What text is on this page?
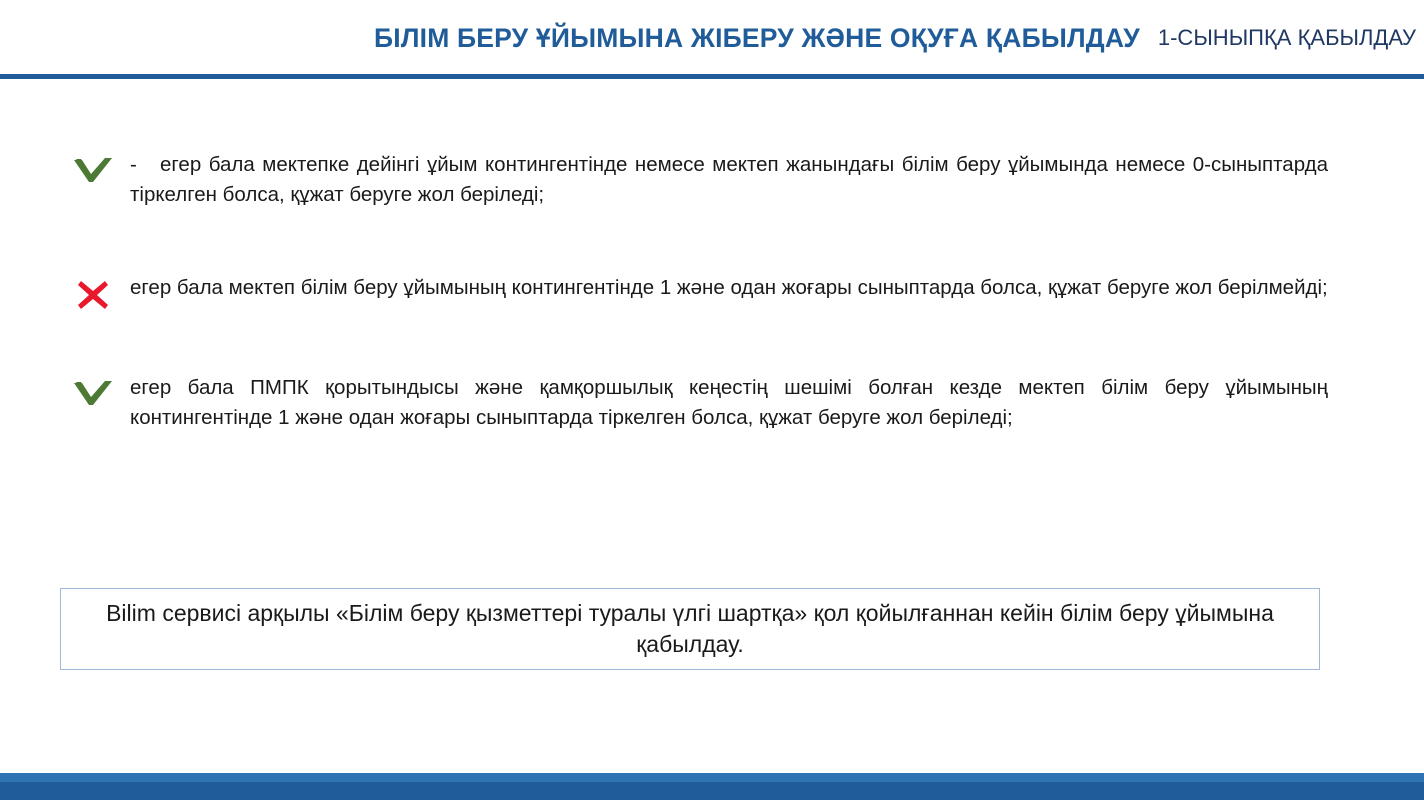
БІЛІМ БЕРУ ҰЙЫМЫНА ЖІБЕРУ ЖӘНЕ ОҚУҒА ҚАБЫЛДАУ 1-СЫНЫПҚА ҚАБЫЛДАУ
- егер бала мектепке дейінгі ұйым контингентінде немесе мектеп жанындағы білім беру ұйымында немесе 0-сыныптарда тіркелген болса, құжат беруге жол беріледі;
егер бала мектеп білім беру ұйымының контингентінде 1 және одан жоғары сыныптарда болса, құжат беруге жол берілмейді;
егер бала ПМПК қорытындысы және қамқоршылық кеңестің шешімі болған кезде мектеп білім беру ұйымының контингентінде 1 және одан жоғары сыныптарда тіркелген болса, құжат беруге жол беріледі;
Bilim сервисі арқылы «Білім беру қызметтері туралы үлгі шартқа» қол қойылғаннан кейін білім беру ұйымына қабылдау.
